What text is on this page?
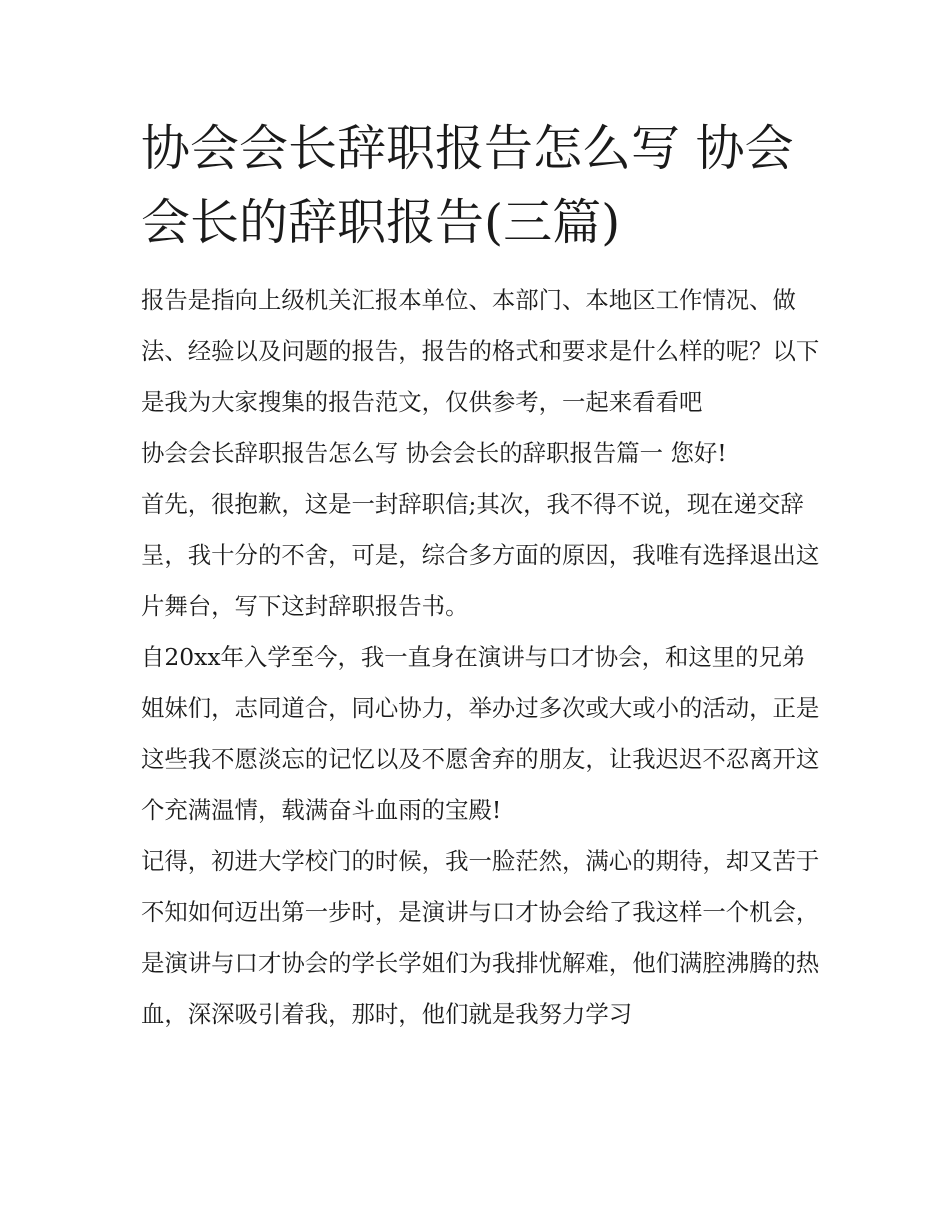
协会会长辞职报告怎么写 协会会长的辞职报告(三篇)

报告是指向上级机关汇报本单位、本部门、本地区工作情况、做法、经验以及问题的报告，报告的格式和要求是什么样的呢？以下是我为大家搜集的报告范文，仅供参考，一起来看看吧

协会会长辞职报告怎么写 协会会长的辞职报告篇一 您好!

首先，很抱歉，这是一封辞职信;其次，我不得不说，现在递交辞呈，我十分的不舍，可是，综合多方面的原因，我唯有选择退出这片舞台，写下这封辞职报告书。

自20xx年入学至今，我一直身在演讲与口才协会，和这里的兄弟姐妹们，志同道合，同心协力，举办过多次或大或小的活动，正是这些我不愿淡忘的记忆以及不愿舍弃的朋友，让我迟迟不忍离开这个充满温情，载满奋斗血雨的宝殿!

记得，初进大学校门的时候，我一脸茫然，满心的期待，却又苦于不知如何迈出第一步时，是演讲与口才协会给了我这样一个机会，是演讲与口才协会的学长学姐们为我排忧解难，他们满腔沸腾的热血，深深吸引着我，那时，他们就是我努力学习
